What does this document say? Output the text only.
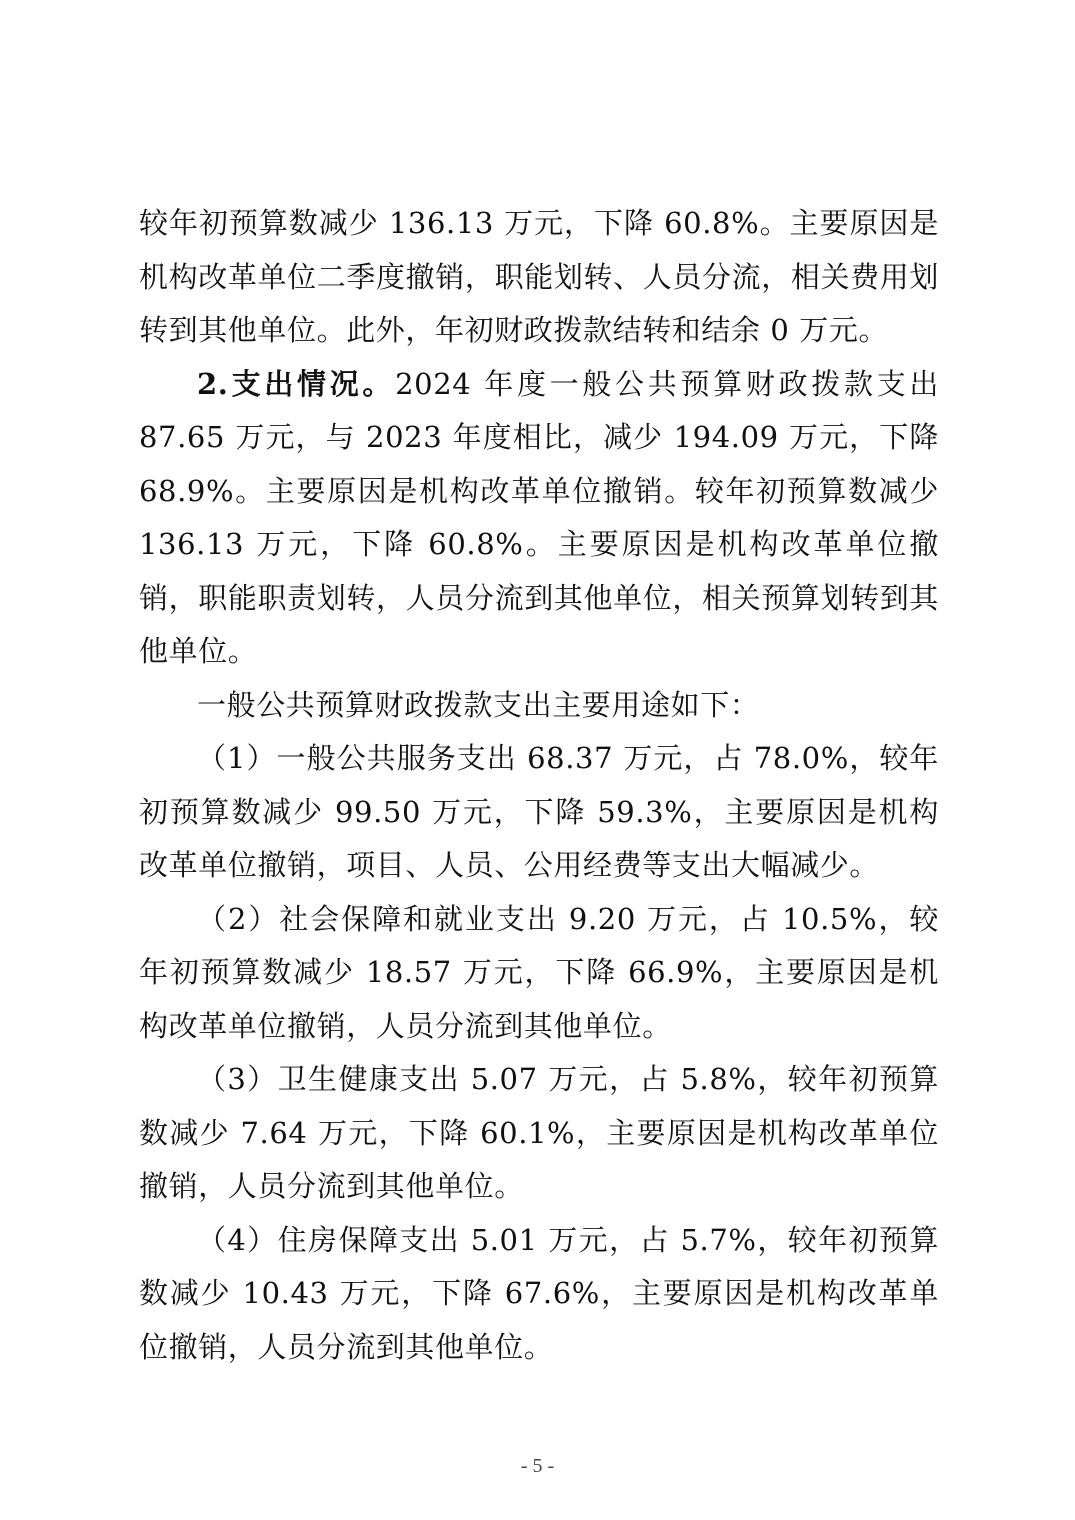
较年初预算数减少 136.13 万元，下降 60.8%。主要原因是机构改革单位二季度撤销，职能划转、人员分流，相关费用划转到其他单位。此外，年初财政拨款结转和结余 0 万元。

2.支出情况。2024 年度一般公共预算财政拨款支出 87.65 万元，与 2023 年度相比，减少 194.09 万元，下降 68.9%。主要原因是机构改革单位撤销。较年初预算数减少 136.13 万元，下降 60.8%。主要原因是机构改革单位撤销，职能职责划转，人员分流到其他单位，相关预算划转到其他单位。

一般公共预算财政拨款支出主要用途如下：

（1）一般公共服务支出 68.37 万元，占 78.0%，较年初预算数减少 99.50 万元，下降 59.3%，主要原因是机构改革单位撤销，项目、人员、公用经费等支出大幅减少。

（2）社会保障和就业支出 9.20 万元，占 10.5%，较年初预算数减少 18.57 万元，下降 66.9%，主要原因是机构改革单位撤销，人员分流到其他单位。

（3）卫生健康支出 5.07 万元，占 5.8%，较年初预算数减少 7.64 万元，下降 60.1%，主要原因是机构改革单位撤销，人员分流到其他单位。

（4）住房保障支出 5.01 万元，占 5.7%，较年初预算数减少 10.43 万元，下降 67.6%，主要原因是机构改革单位撤销，人员分流到其他单位。

- 5 -
